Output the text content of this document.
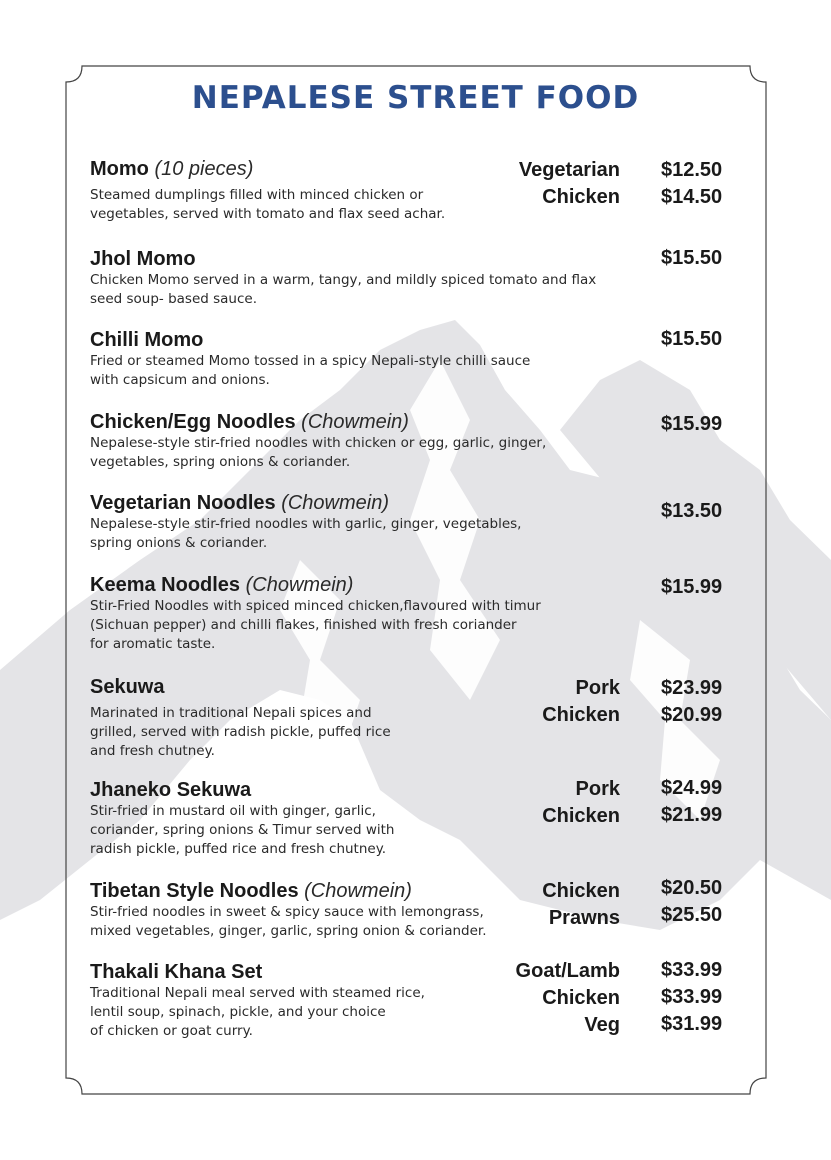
NEPALESE STREET FOOD
Momo (10 pieces)
Steamed dumplings filled with minced chicken or
vegetables, served with tomato and flax seed achar.
Vegetarian
Chicken
$12.50
$14.50
Jhol Momo
Chicken Momo served in a warm, tangy, and mildly spiced tomato and flax
seed soup- based sauce.
$15.50
Chilli Momo
Fried or steamed Momo tossed in a spicy Nepali-style chilli sauce
with capsicum and onions.
$15.50
Chicken/Egg Noodles (Chowmein)
Nepalese-style stir-fried noodles with chicken or egg, garlic, ginger,
vegetables, spring onions & coriander.
$15.99
Vegetarian Noodles (Chowmein)
Nepalese-style stir-fried noodles with garlic, ginger, vegetables,
spring onions & coriander.
$13.50
Keema Noodles (Chowmein)
Stir-Fried Noodles with spiced minced chicken,flavoured with timur
(Sichuan pepper) and chilli flakes, finished with fresh coriander
for aromatic taste.
$15.99
Sekuwa
Marinated in traditional Nepali spices and
grilled, served with radish pickle, puffed rice
and fresh chutney.
Pork
Chicken
$23.99
$20.99
Jhaneko Sekuwa
Stir-fried in mustard oil with ginger, garlic,
coriander, spring onions & Timur served with
radish pickle, puffed rice and fresh chutney.
Pork
Chicken
$24.99
$21.99
Tibetan Style Noodles (Chowmein)
Stir-fried noodles in sweet & spicy sauce with lemongrass,
mixed vegetables, ginger, garlic, spring onion & coriander.
Chicken
Prawns
$20.50
$25.50
Thakali Khana Set
Traditional Nepali meal served with steamed rice,
lentil soup, spinach, pickle, and your choice
of chicken or goat curry.
Goat/Lamb
Chicken
Veg
$33.99
$33.99
$31.99
